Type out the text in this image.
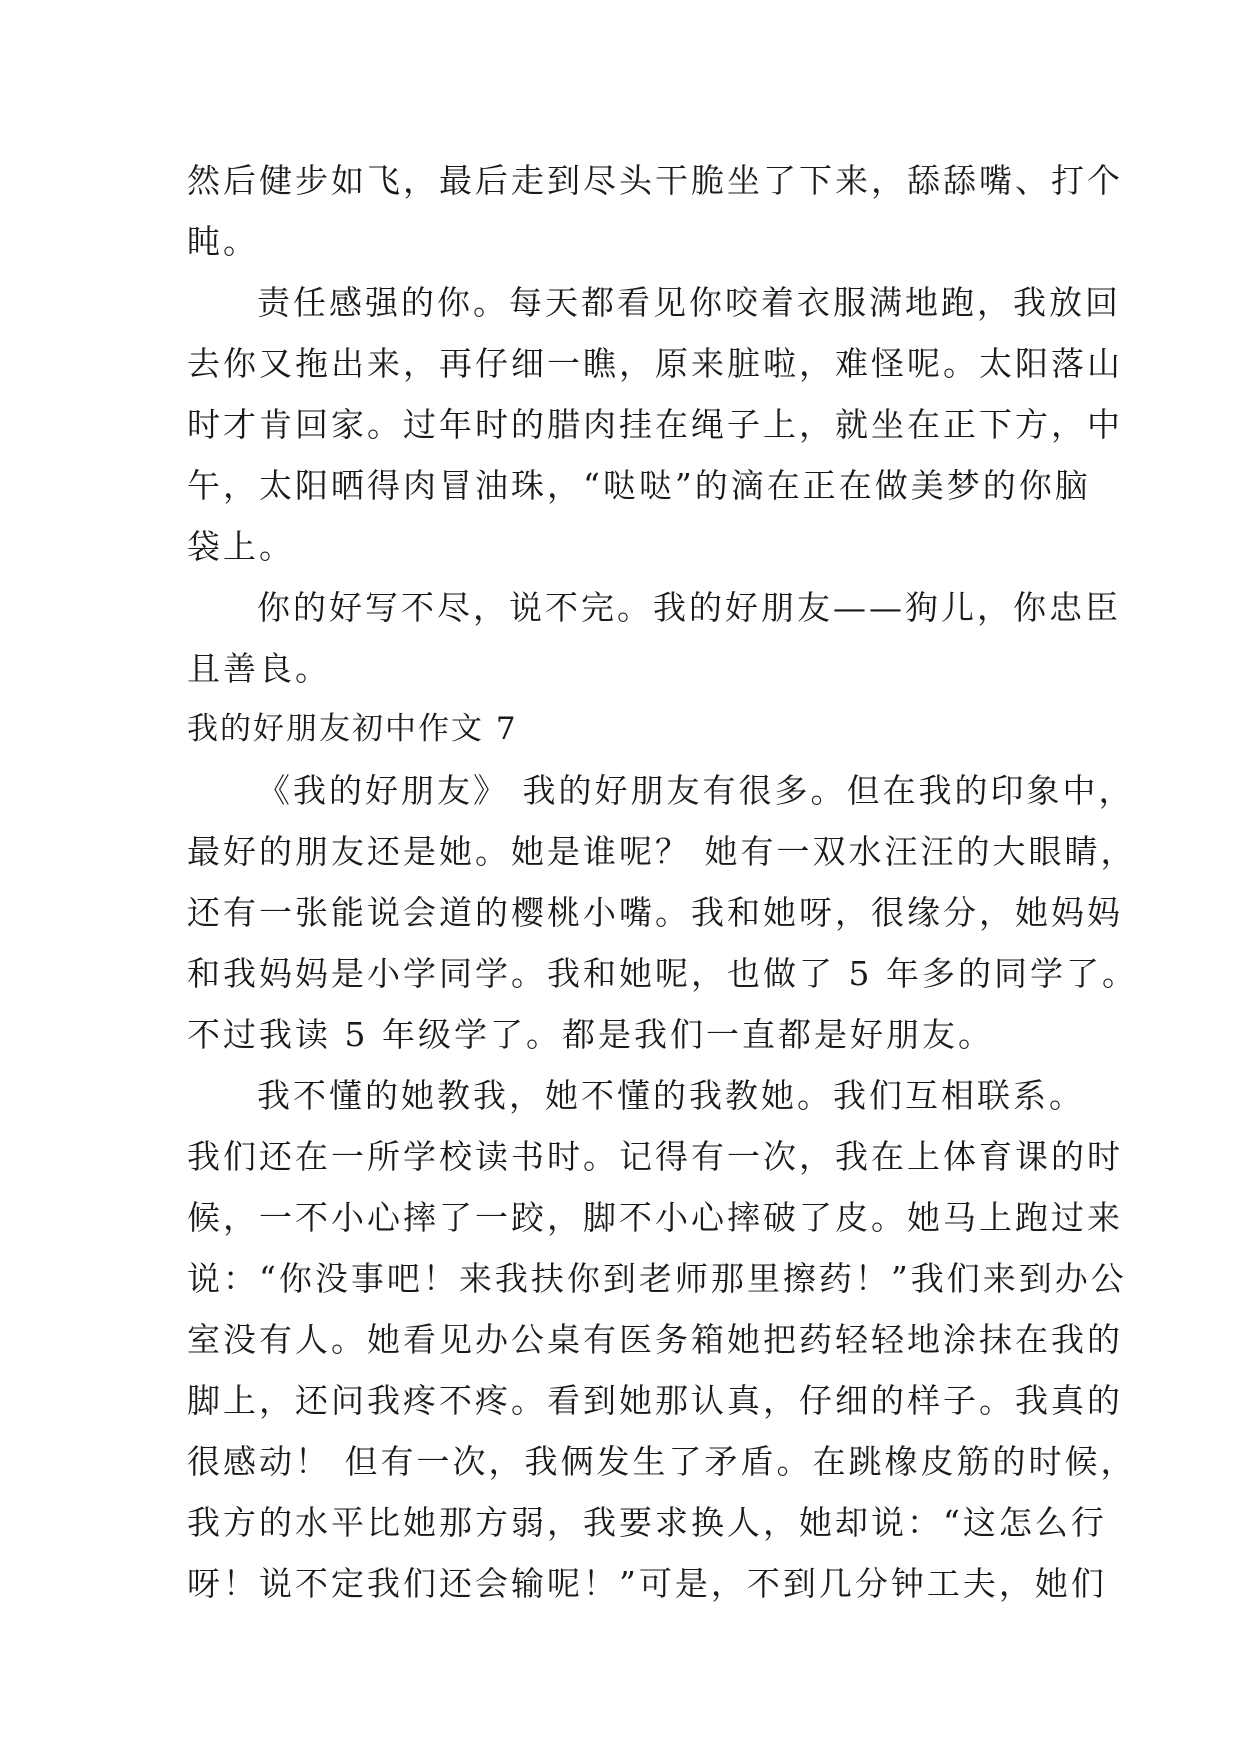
然后健步如飞，最后走到尽头干脆坐了下来，舔舔嘴、打个
盹。
责任感强的你。每天都看见你咬着衣服满地跑，我放回
去你又拖出来，再仔细一瞧，原来脏啦，难怪呢。太阳落山
时才肯回家。过年时的腊肉挂在绳子上，就坐在正下方，中
午，太阳晒得肉冒油珠，“哒哒”的滴在正在做美梦的你脑
袋上。
你的好写不尽，说不完。我的好朋友——狗儿，你忠臣
且善良。
我的好朋友初中作文 7
《我的好朋友》 我的好朋友有很多。但在我的印象中，
最好的朋友还是她。她是谁呢？ 她有一双水汪汪的大眼睛，
还有一张能说会道的樱桃小嘴。我和她呀，很缘分，她妈妈
和我妈妈是小学同学。我和她呢，也做了 5 年多的同学了。
不过我读 5 年级学了。都是我们一直都是好朋友。
我不懂的她教我，她不懂的我教她。我们互相联系。
我们还在一所学校读书时。记得有一次，我在上体育课的时
候，一不小心摔了一跤，脚不小心摔破了皮。她马上跑过来
说：“你没事吧！来我扶你到老师那里擦药！”我们来到办公
室没有人。她看见办公桌有医务箱她把药轻轻地涂抹在我的
脚上，还问我疼不疼。看到她那认真，仔细的样子。我真的
很感动！ 但有一次，我俩发生了矛盾。在跳橡皮筋的时候，
我方的水平比她那方弱，我要求换人，她却说：“这怎么行
呀！说不定我们还会输呢！”可是，不到几分钟工夫，她们
